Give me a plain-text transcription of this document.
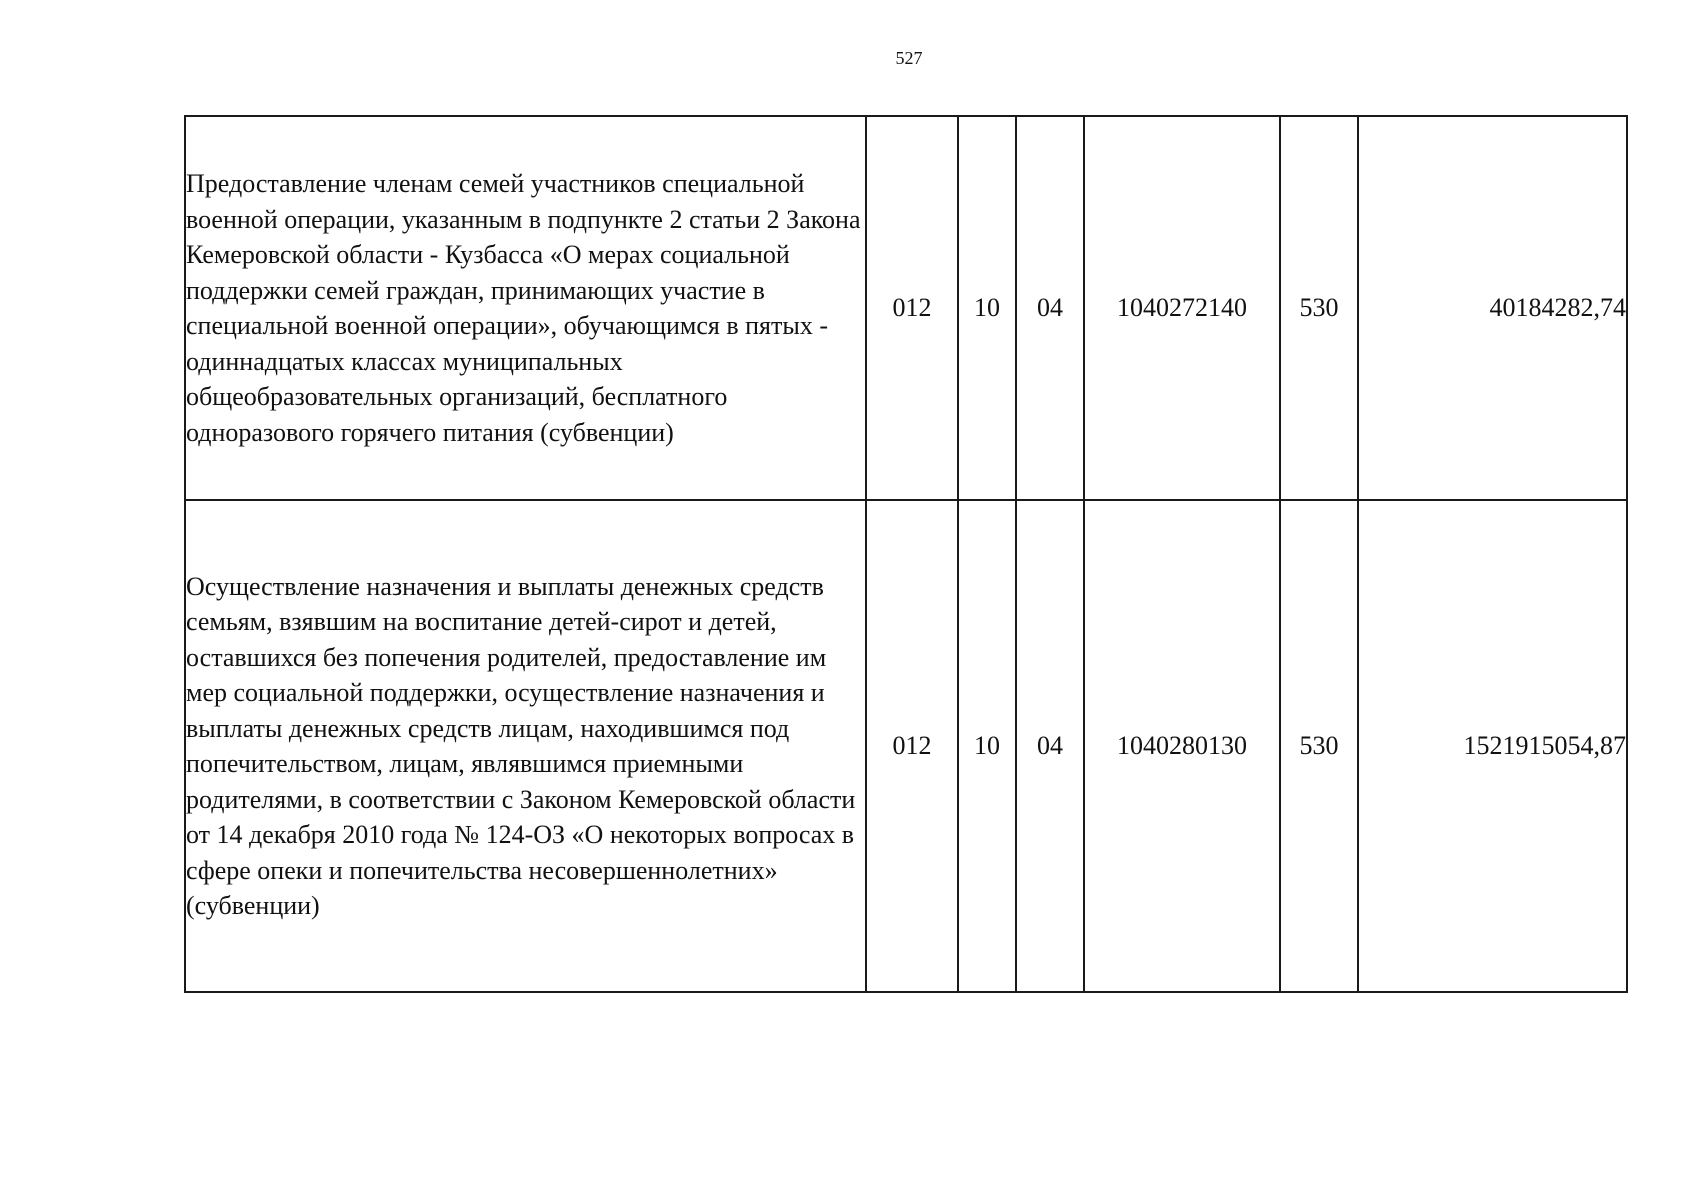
527
Предоставление членам семей участников специальной военной операции, указанным в подпункте 2 статьи 2 Закона Кемеровской области - Кузбасса «О мерах социальной поддержки семей граждан, принимающих участие в специальной военной операции», обучающимся в пятых - одиннадцатых классах муниципальных общеобразовательных организаций, бесплатного одноразового горячего питания (субвенции)	012	10	04	1040272140	530	40184282,74
Осуществление назначения и выплаты денежных средств семьям, взявшим на воспитание детей-сирот и детей, оставшихся без попечения родителей, предоставление им мер социальной поддержки, осуществление назначения и выплаты денежных средств лицам, находившимся под попечительством, лицам, являвшимся приемными родителями, в соответствии с Законом Кемеровской области от 14 декабря 2010 года № 124-ОЗ «О некоторых вопросах в сфере опеки и попечительства несовершеннолетних» (субвенции)	012	10	04	1040280130	530	1521915054,87
